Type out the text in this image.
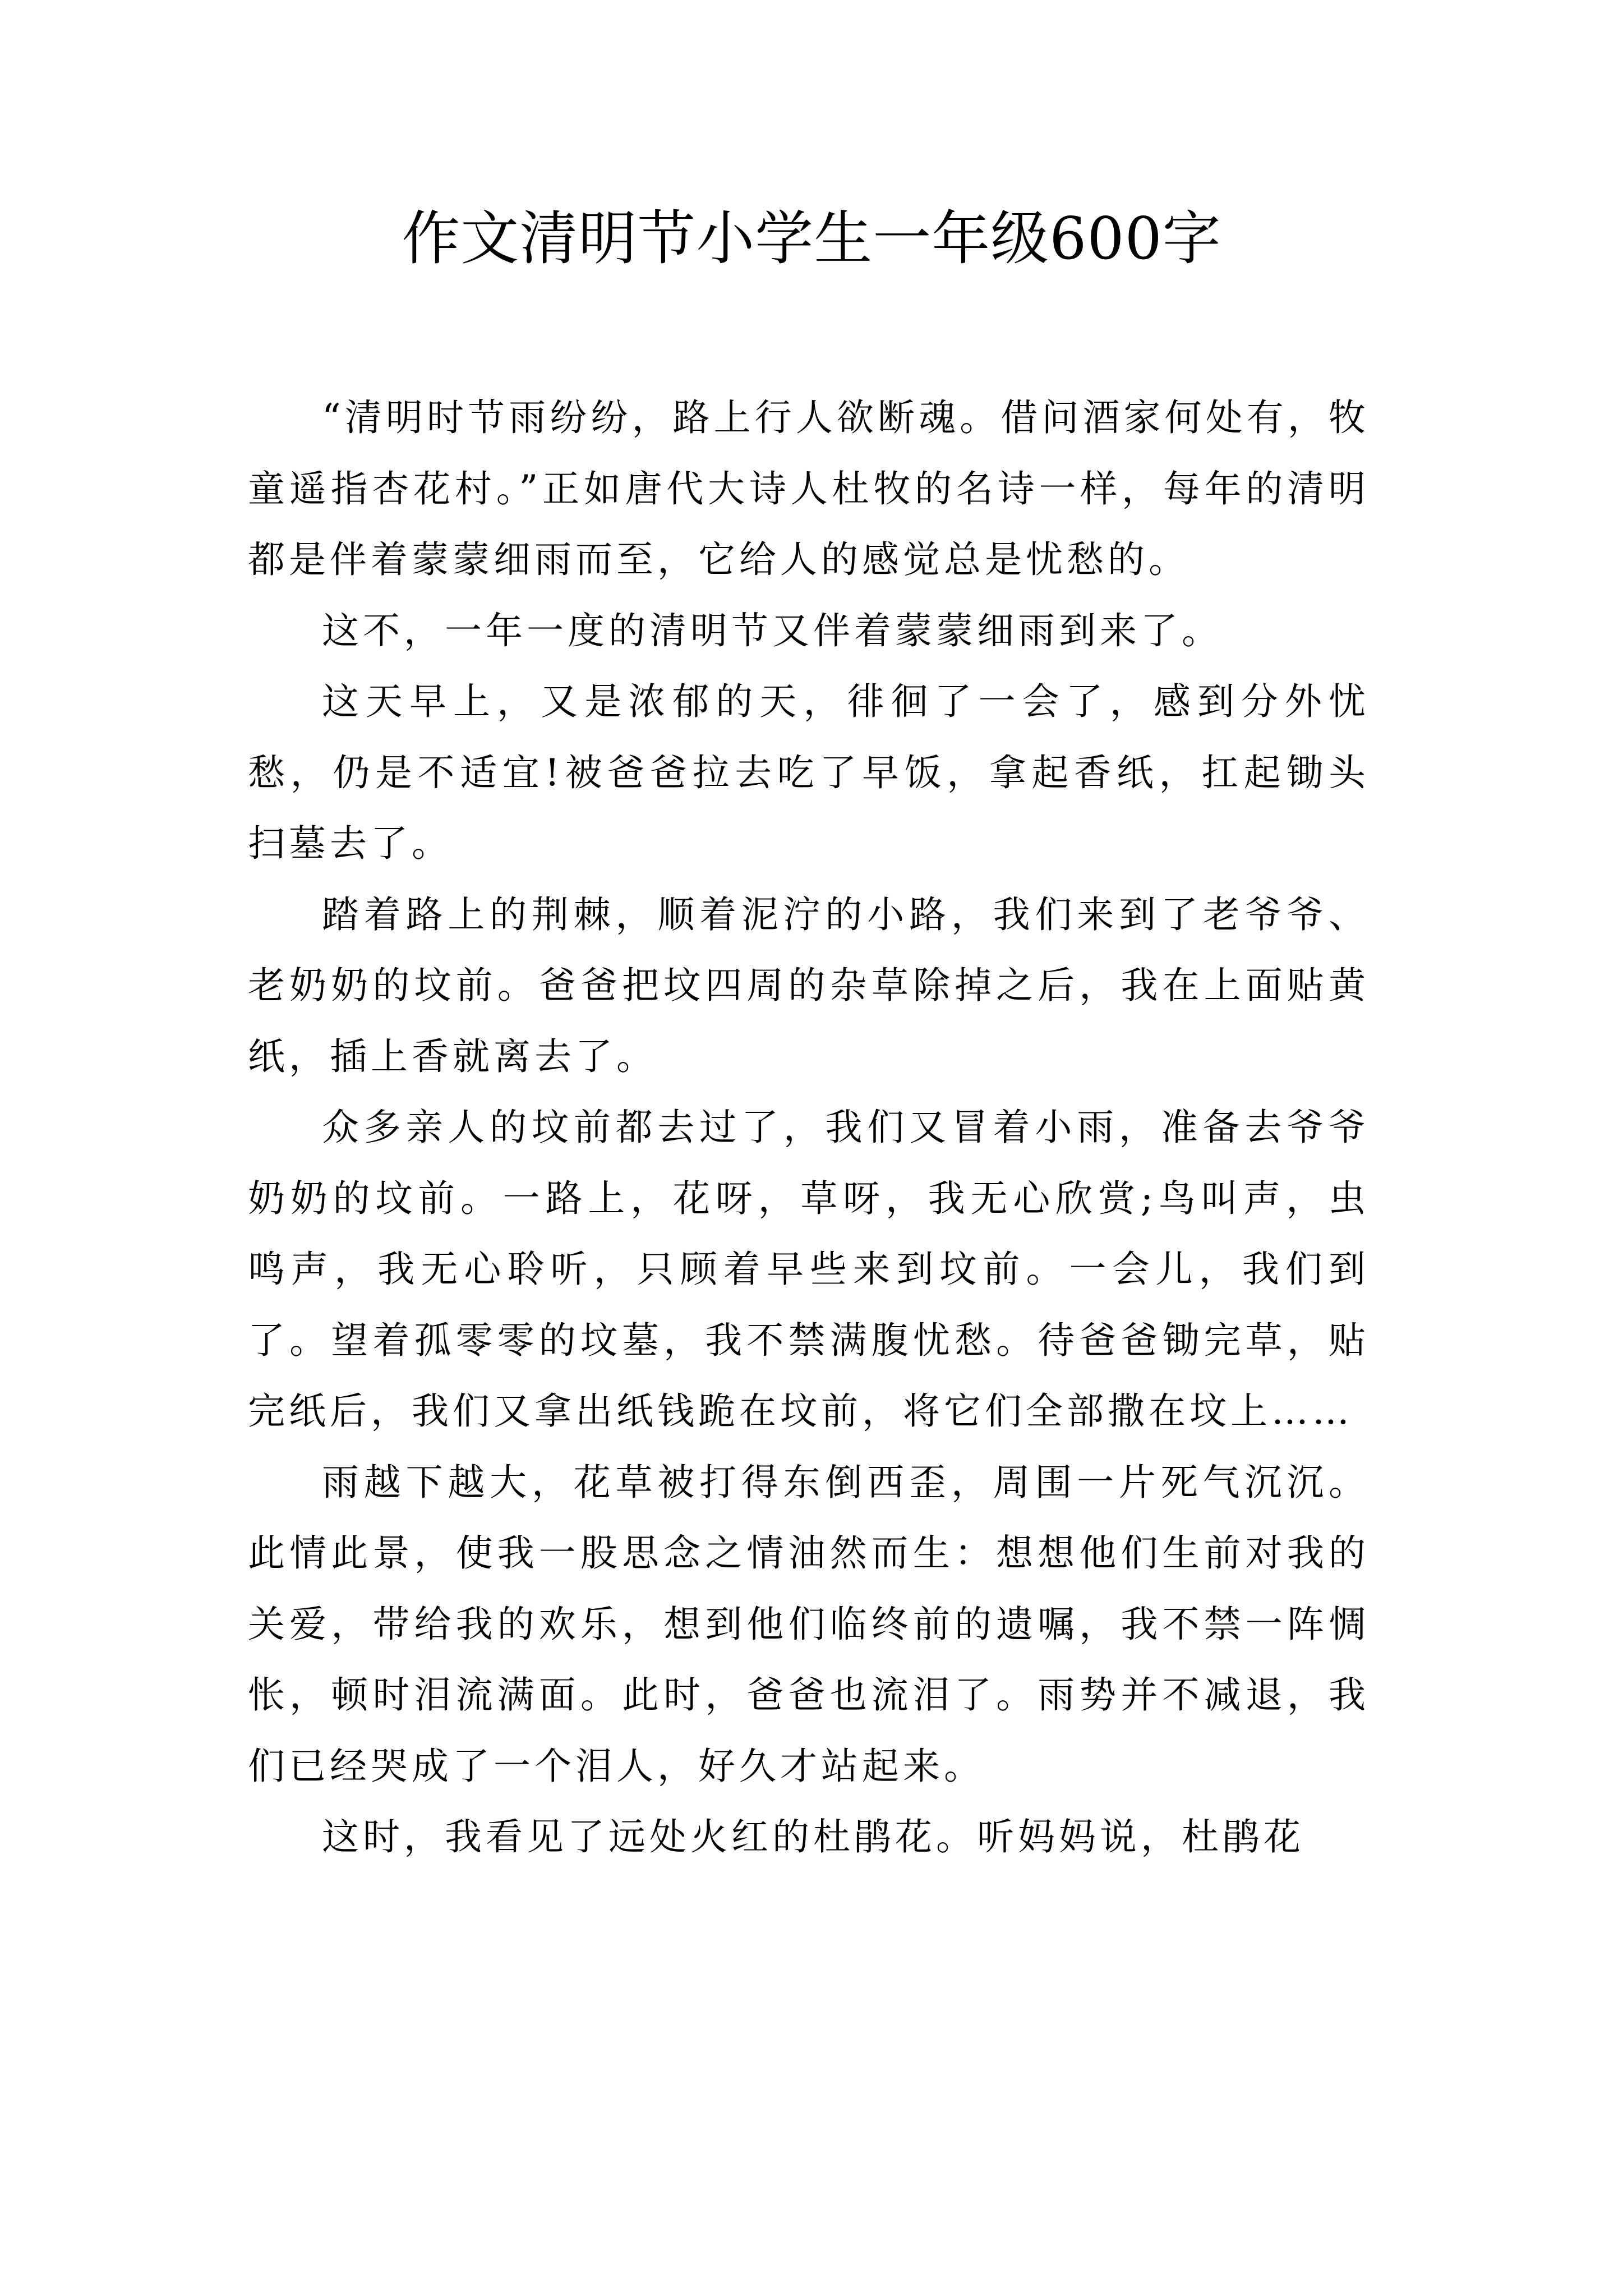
作文清明节小学生一年级600字

“清明时节雨纷纷，路上行人欲断魂。借问酒家何处有，牧童遥指杏花村。”正如唐代大诗人杜牧的名诗一样，每年的清明都是伴着蒙蒙细雨而至，它给人的感觉总是忧愁的。

这不，一年一度的清明节又伴着蒙蒙细雨到来了。

这天早上，又是浓郁的天，徘徊了一会了，感到分外忧愁，仍是不适宜!被爸爸拉去吃了早饭，拿起香纸，扛起锄头扫墓去了。

踏着路上的荆棘，顺着泥泞的小路，我们来到了老爷爷、老奶奶的坟前。爸爸把坟四周的杂草除掉之后，我在上面贴黄纸，插上香就离去了。

众多亲人的坟前都去过了，我们又冒着小雨，准备去爷爷奶奶的坟前。一路上，花呀，草呀，我无心欣赏;鸟叫声，虫鸣声，我无心聆听，只顾着早些来到坟前。一会儿，我们到了。望着孤零零的坟墓，我不禁满腹忧愁。待爸爸锄完草，贴完纸后，我们又拿出纸钱跪在坟前，将它们全部撒在坟上……

雨越下越大，花草被打得东倒西歪，周围一片死气沉沉。此情此景，使我一股思念之情油然而生：想想他们生前对我的关爱，带给我的欢乐，想到他们临终前的遗嘱，我不禁一阵惆怅，顿时泪流满面。此时，爸爸也流泪了。雨势并不减退，我们已经哭成了一个泪人，好久才站起来。

这时，我看见了远处火红的杜鹃花。听妈妈说，杜鹃花
